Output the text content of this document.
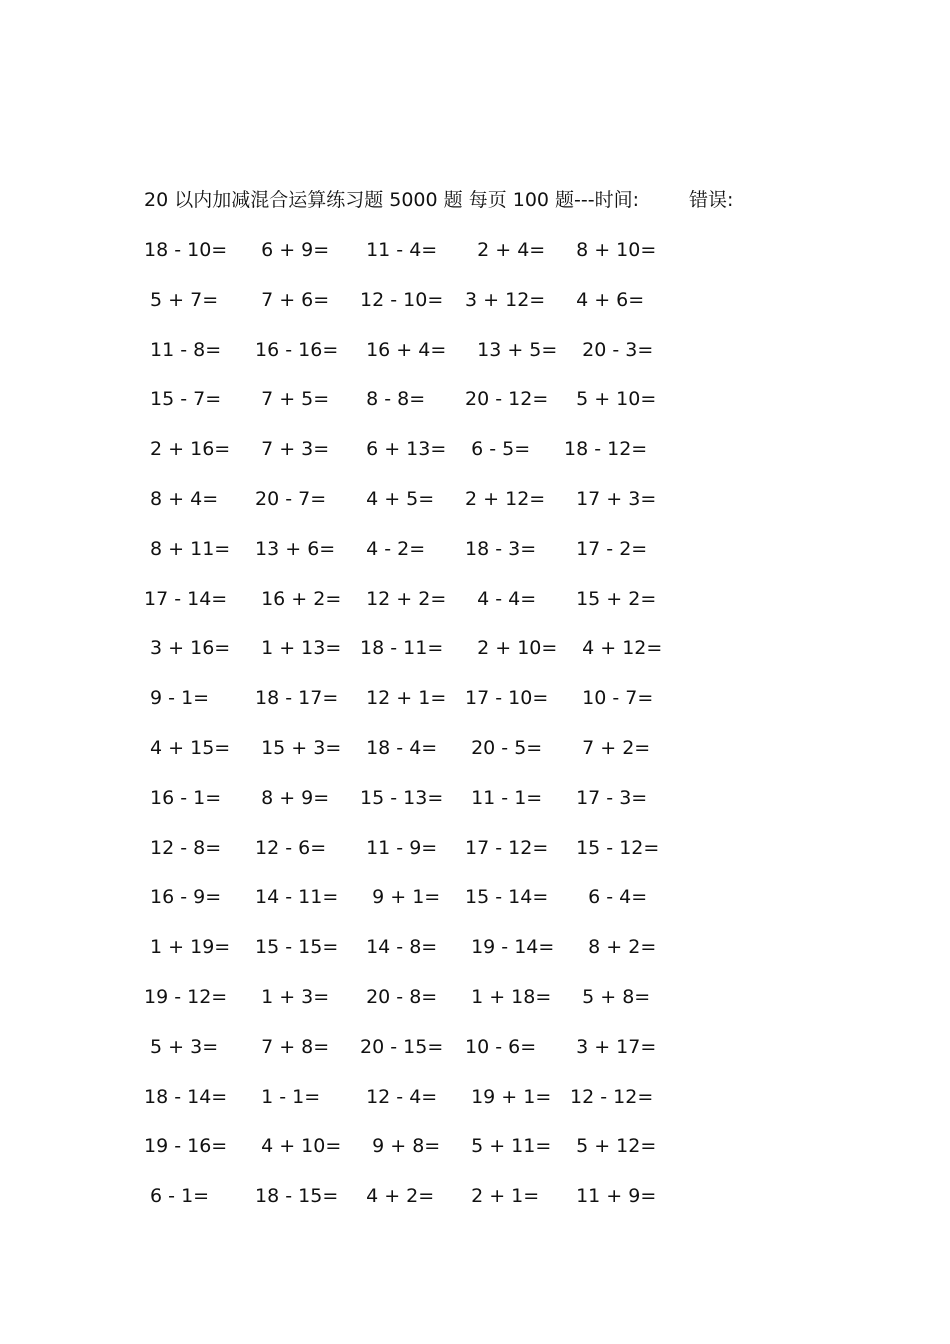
20 以内加减混合运算练习题 5000 题 每页 100 题---时间:	错误:
18 - 10= 6 + 9= 11 - 4= 2 + 4= 8 + 10=
5 + 7= 7 + 6= 12 - 10= 3 + 12= 4 + 6=
11 - 8= 16 - 16= 16 + 4= 13 + 5= 20 - 3=
15 - 7= 7 + 5= 8 - 8= 20 - 12= 5 + 10=
2 + 16= 7 + 3= 6 + 13= 6 - 5= 18 - 12=
8 + 4= 20 - 7= 4 + 5= 2 + 12= 17 + 3=
8 + 11= 13 + 6= 4 - 2= 18 - 3= 17 - 2=
17 - 14= 16 + 2= 12 + 2= 4 - 4= 15 + 2=
3 + 16= 1 + 13= 18 - 11= 2 + 10= 4 + 12=
9 - 1= 18 - 17= 12 + 1= 17 - 10= 10 - 7=
4 + 15= 15 + 3= 18 - 4= 20 - 5= 7 + 2=
16 - 1= 8 + 9= 15 - 13= 11 - 1= 17 - 3=
12 - 8= 12 - 6= 11 - 9= 17 - 12= 15 - 12=
16 - 9= 14 - 11= 9 + 1= 15 - 14= 6 - 4=
1 + 19= 15 - 15= 14 - 8= 19 - 14= 8 + 2=
19 - 12= 1 + 3= 20 - 8= 1 + 18= 5 + 8=
5 + 3= 7 + 8= 20 - 15= 10 - 6= 3 + 17=
18 - 14= 1 - 1= 12 - 4= 19 + 1= 12 - 12=
19 - 16= 4 + 10= 9 + 8= 5 + 11= 5 + 12=
6 - 1= 18 - 15= 4 + 2= 2 + 1= 11 + 9=
